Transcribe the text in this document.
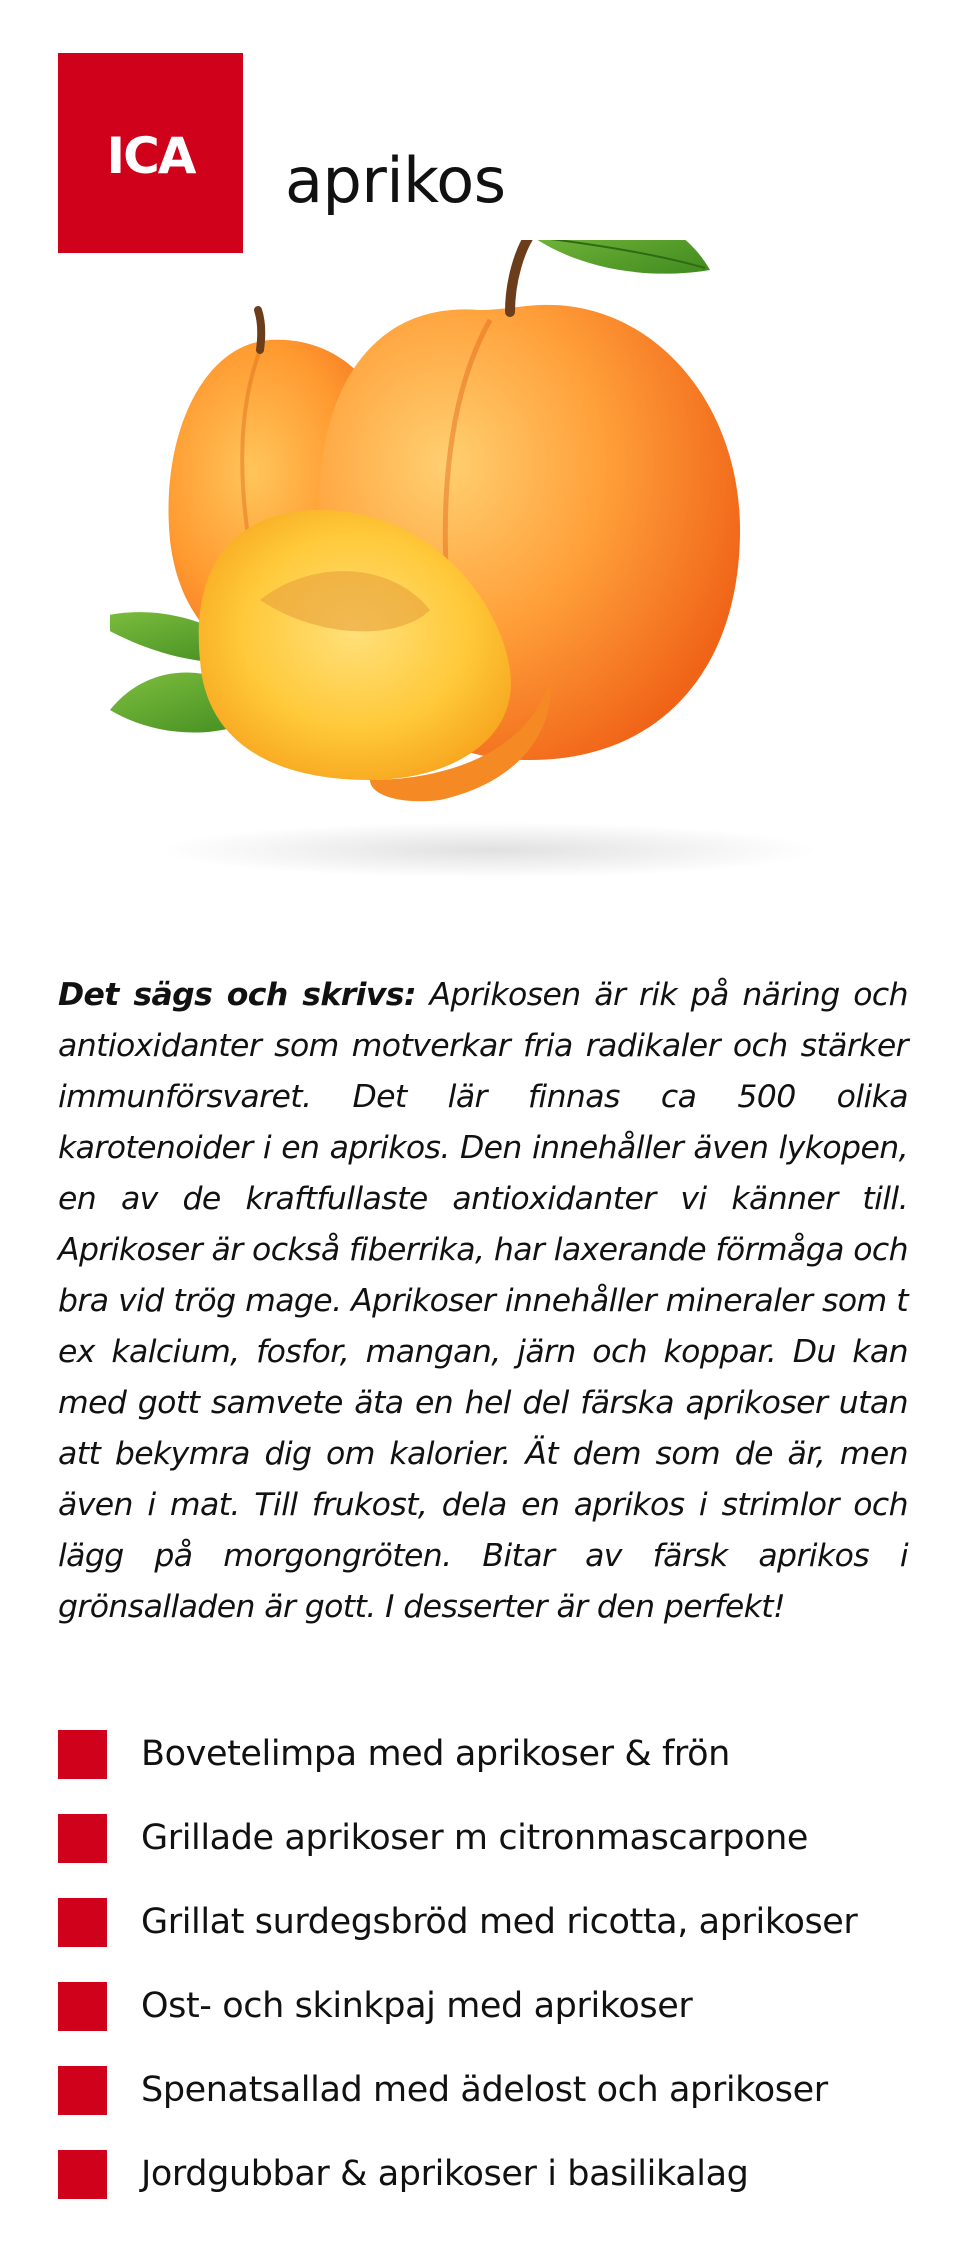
ICA aprikos

Det sägs och skrivs: Aprikosen är rik på näring och antioxidanter som motverkar fria radikaler och stärker immunförsvaret. Det lär finnas ca 500 olika karotenoider i en aprikos. Den innehåller även lykopen, en av de kraftfullaste antioxidanter vi känner till. Aprikoser är också fiberrika, har laxerande förmåga och bra vid trög mage. Aprikoser innehåller mineraler som t ex kalcium, fosfor, mangan, järn och koppar. Du kan med gott samvete äta en hel del färska aprikoser utan att bekymra dig om kalorier. Ät dem som de är, men även i mat. Till frukost, dela en aprikos i strimlor och lägg på morgongröten. Bitar av färsk aprikos i grönsalladen är gott. I desserter är den perfekt!

Bovetelimpa med aprikoser & frön
Grillade aprikoser m citronmascarpone
Grillat surdegsbröd med ricotta, aprikoser
Ost- och skinkpaj med aprikoser
Spenatsallad med ädelost och aprikoser
Jordgubbar & aprikoser i basilikalag
